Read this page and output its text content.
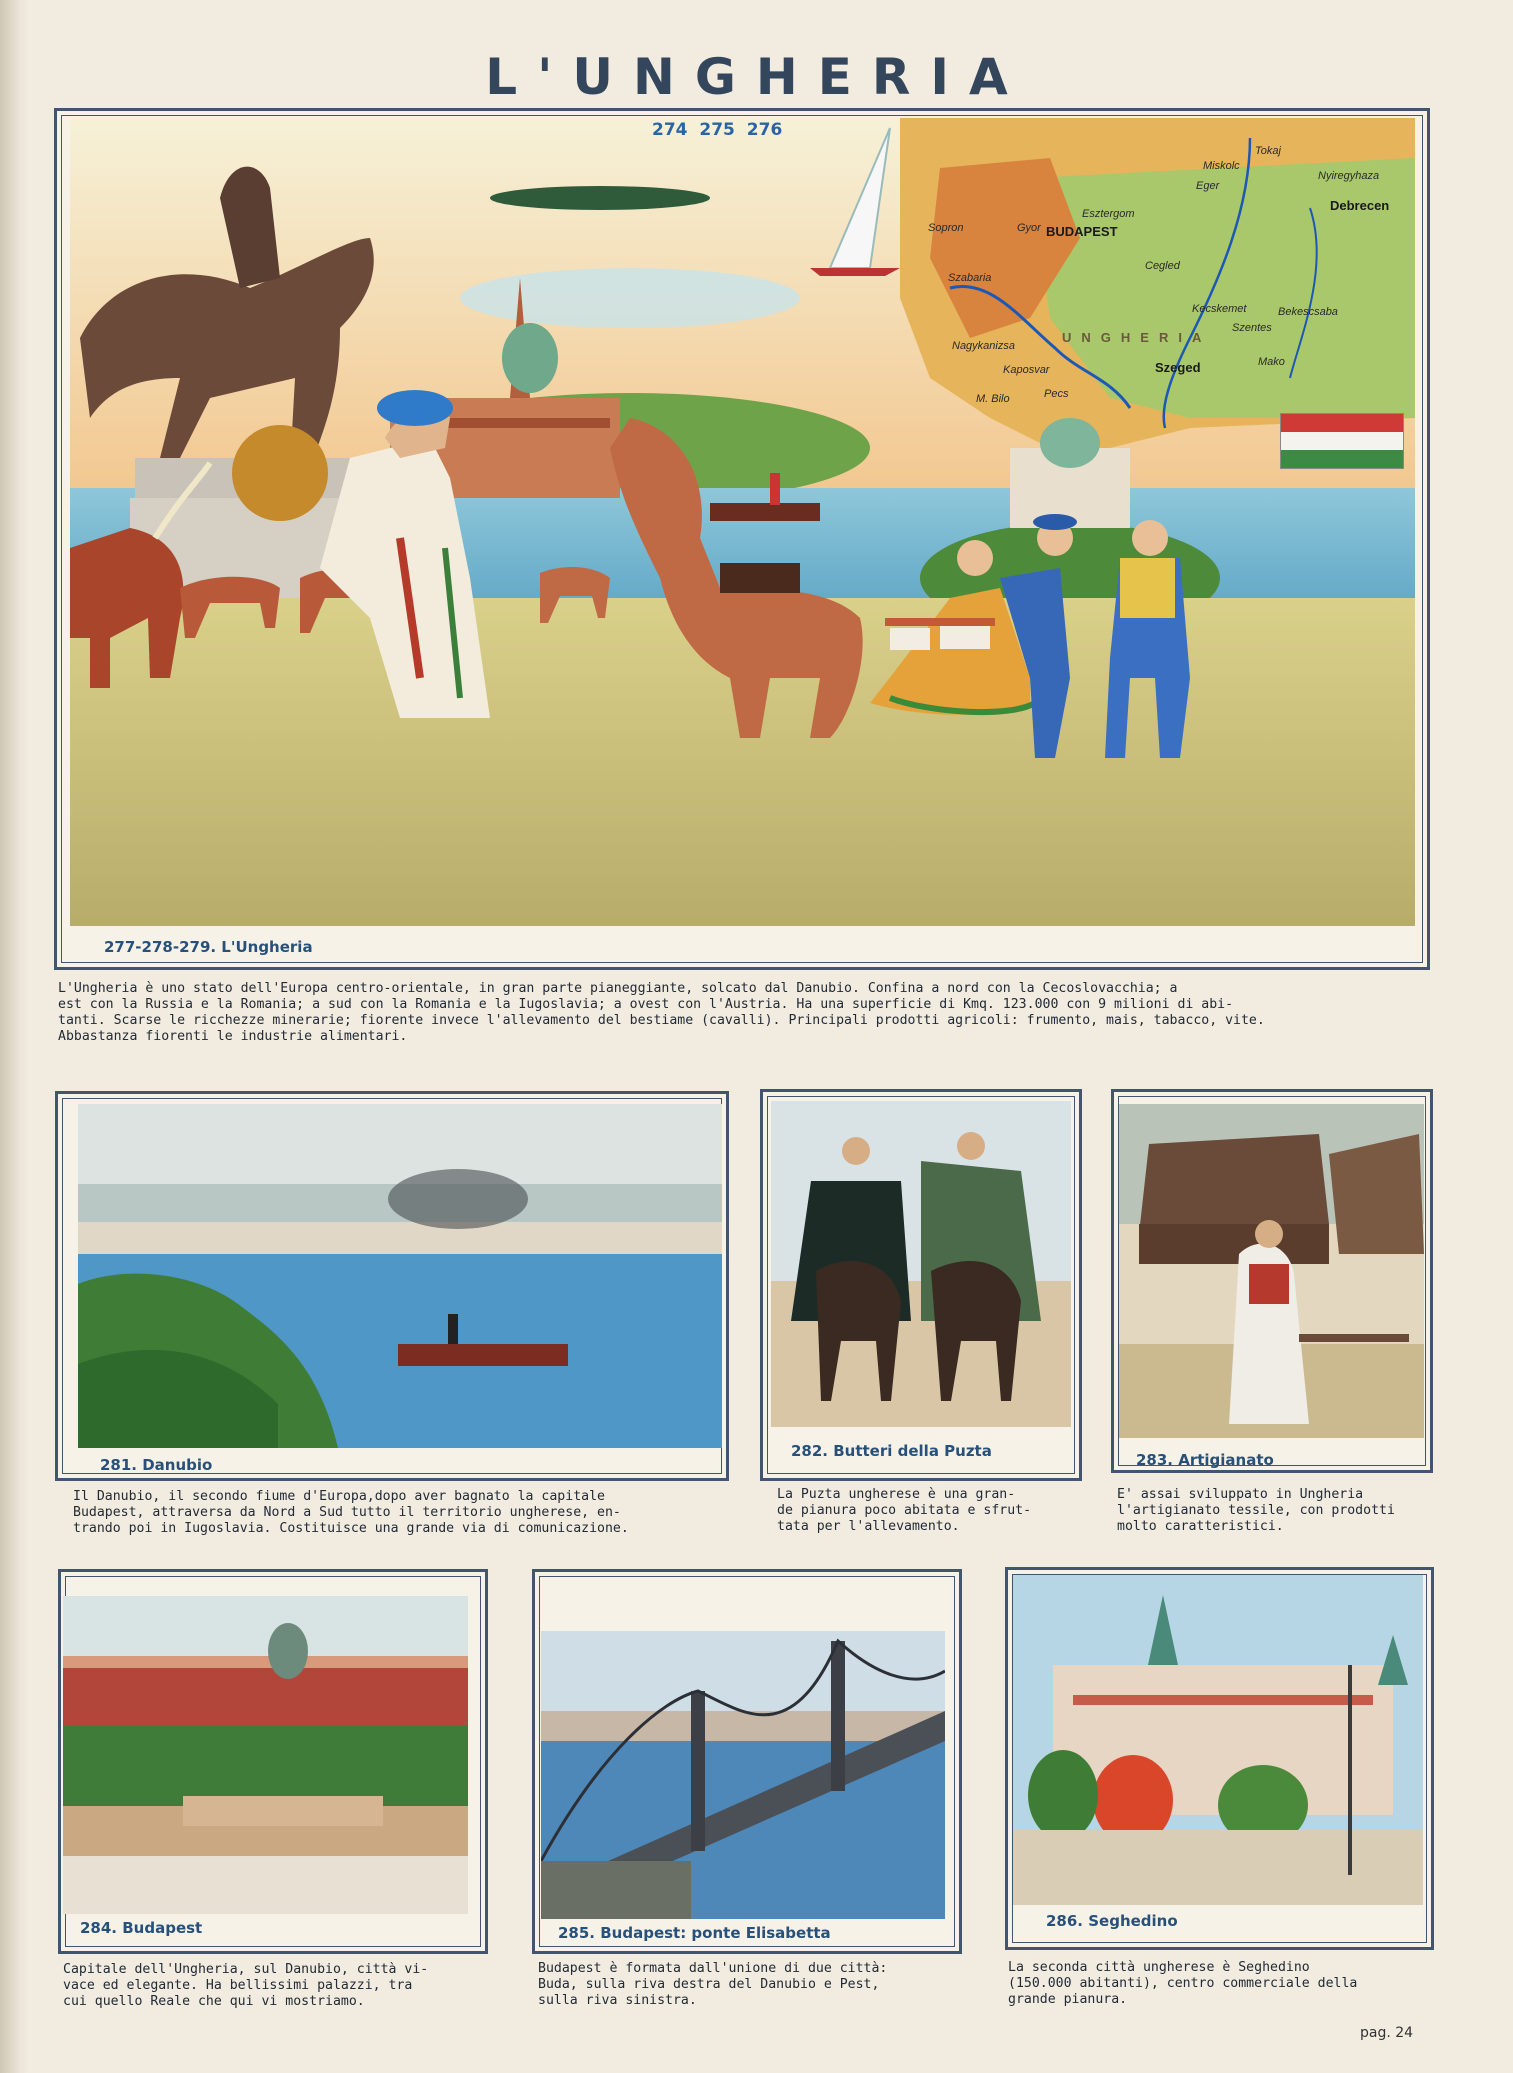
L'UNGHERIA
274 275 276
BUDAPEST
Debrecen
Szeged
Miskolc
Eger
Sopron	Gyor
Pecs
Kecskemet
Szentes
Mako
Esztergom
Cegled
Nagykanizsa
Tokaj
Nyiregyhaza
Bekescsaba
Szabaria
Kaposvar
M. Bilo
UNGHERIA
277-278-279. L'Ungheria
L'Ungheria è uno stato dell'Europa centro-orientale, in gran parte pianeggiante, solcato dal Danubio. Confina a nord con la Cecoslovacchia; a
est con la Russia e la Romania; a sud con la Romania e la Iugoslavia; a ovest con l'Austria. Ha una superficie di Kmq. 123.000 con 9 milioni di abi-
tanti. Scarse le ricchezze minerarie; fiorente invece l'allevamento del bestiame (cavalli). Principali prodotti agricoli: frumento, mais, tabacco, vite.
Abbastanza fiorenti le industrie alimentari.
281. Danubio
282. Butteri della Puzta	283. Artigianato
Il Danubio, il secondo fiume d'Europa,dopo aver bagnato la capitale
Budapest, attraversa da Nord a Sud tutto il territorio ungherese, en-
trando poi in Iugoslavia. Costituisce una grande via di comunicazione.
La Puzta ungherese è una gran-
de pianura poco abitata e sfrut-
tata per l'allevamento.
E' assai sviluppato in Ungheria
l'artigianato tessile, con prodotti
molto caratteristici.
284. Budapest	285. Budapest: ponte Elisabetta
286. Seghedino
Capitale dell'Ungheria, sul Danubio, città vi-
vace ed elegante. Ha bellissimi palazzi, tra
cui quello Reale che qui vi mostriamo.
Budapest è formata dall'unione di due città:
Buda, sulla riva destra del Danubio e Pest,
sulla riva sinistra.
La seconda città ungherese è Seghedino
(150.000 abitanti), centro commerciale della
grande pianura.
pag. 24
